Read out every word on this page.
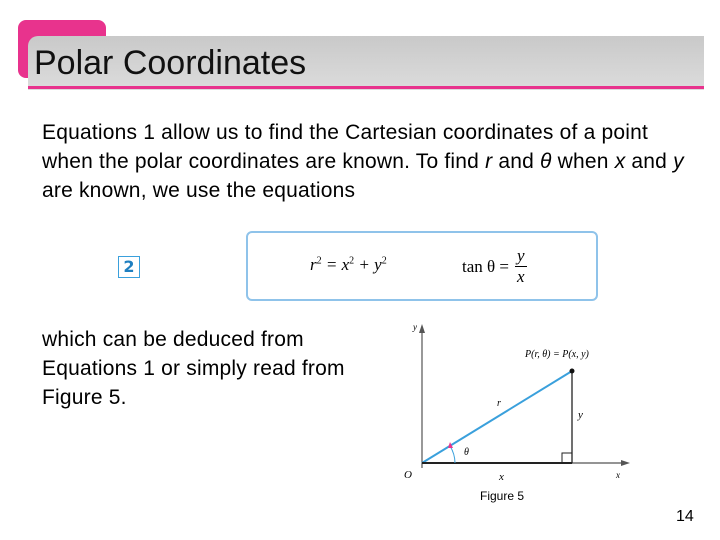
Polar Coordinates
Equations 1 allow us to find the Cartesian coordinates of a point when the polar coordinates are known. To find r and θ when x and y are known, we use the equations
2	$r^2 = x^2 + y^2$	$\tan \theta = \frac{y}{x}$
which can be deduced from Equations 1 or simply read from Figure 5.
y
x
O
P(r, θ) = P(x, y)
r
y
x
θ
Figure 5
14
